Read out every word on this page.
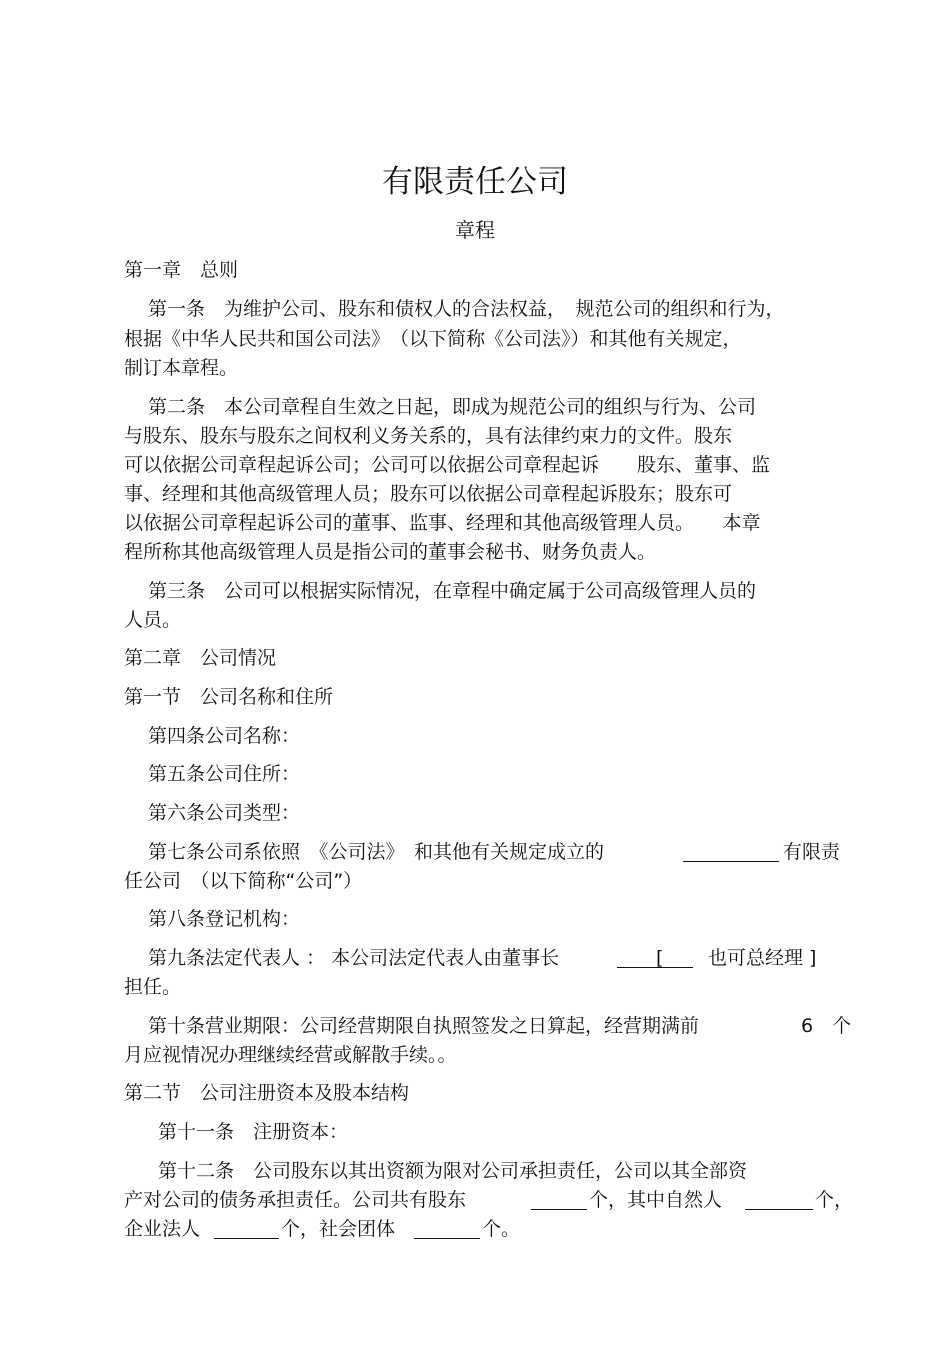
有限责任公司
章程
第一章　总则
第一条　为维护公司、股东和债权人的合法权益，　规范公司的组织和行为，
根据《中华人民共和国公司法》　（以下简称《公司法》）和其他有关规定，
制订本章程。
第二条　本公司章程自生效之日起，即成为规范公司的组织与行为、公司
与股东、股东与股东之间权利义务关系的，具有法律约束力的文件。股东
可以依据公司章程起诉公司；公司可以依据公司章程起诉　　股东、董事、监
事、经理和其他高级管理人员；股东可以依据公司章程起诉股东；股东可
以依据公司章程起诉公司的董事、监事、经理和其他高级管理人员。　　本章
程所称其他高级管理人员是指公司的董事会秘书、财务负责人。
第三条　公司可以根据实际情况，在章程中确定属于公司高级管理人员的
人员。
第二章　公司情况
第一节　公司名称和住所
第四条公司名称：
第五条公司住所：
第六条公司类型：
第七条公司系依照　《公司法》　和其他有关规定成立的	有限责
任公司　（以下简称“公司”）
第八条登记机构：
第九条法定代表人 ： 本公司法定代表人由董事长	[ 也可总经理 ]
担任。
第十条营业期限：公司经营期限自执照签发之日算起，经营期满前	6　个
月应视情况办理继续经营或解散手续。。
第二节　公司注册资本及股本结构
第十一条　注册资本：
第十二条　公司股东以其出资额为限对公司承担责任，公司以其全部资
产对公司的债务承担责任。公司共有股东	个，其中自然人	个，
企业法人	个，社会团体	个。
